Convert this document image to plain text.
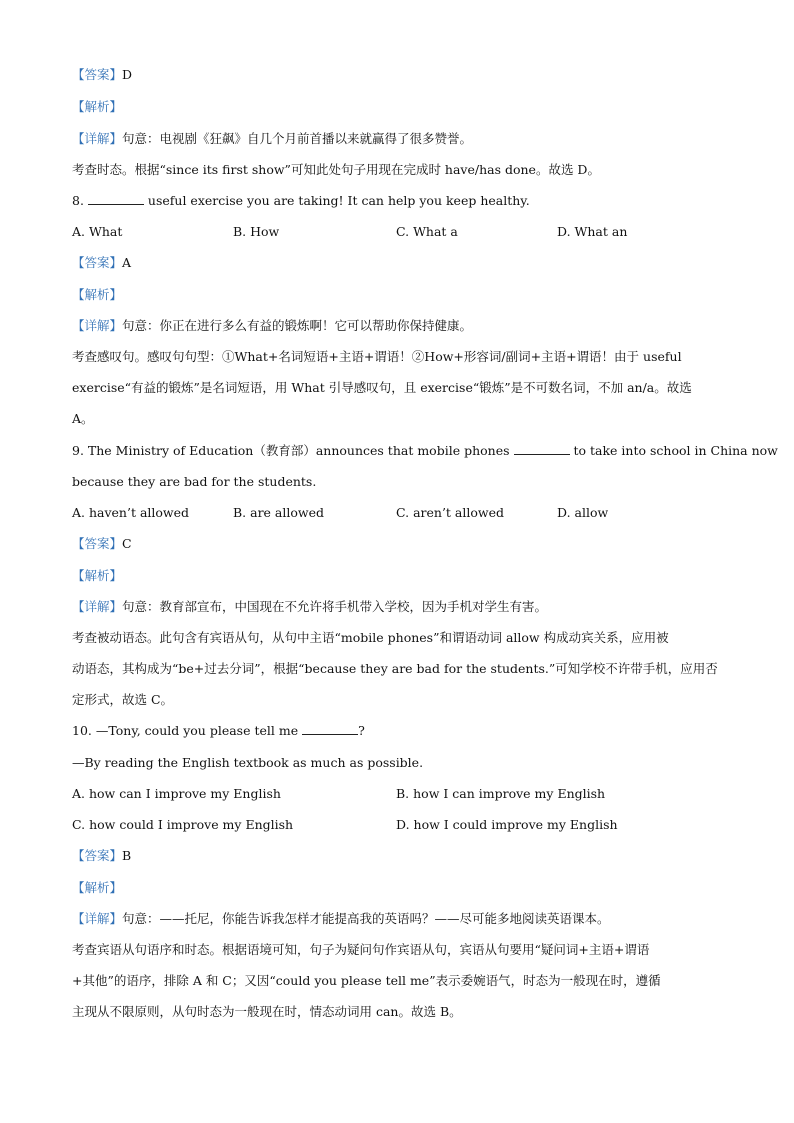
【答案】D
【解析】
【详解】句意：电视剧《狂飙》自几个月前首播以来就赢得了很多赞誉。
考查时态。根据“since its first show”可知此处句子用现在完成时 have/has done。故选 D。
8.	useful exercise you are taking! It can help you keep healthy.
A. What	B. How	C. What a	D. What an
【答案】A
【解析】
【详解】句意：你正在进行多么有益的锻炼啊！它可以帮助你保持健康。
考查感叹句。感叹句句型：①What+名词短语+主语+谓语！②How+形容词/副词+主语+谓语！由于 useful
exercise“有益的锻炼”是名词短语，用 What 引导感叹句，且 exercise“锻炼”是不可数名词，不加 an/a。故选
A。
9. The Ministry of Education（教育部）announces that mobile phones	to take into school in China now
because they are bad for the students.
A. haven’t allowed	B. are allowed	C. aren’t allowed	D. allow
【答案】C
【解析】
【详解】句意：教育部宣布，中国现在不允许将手机带入学校，因为手机对学生有害。
考查被动语态。此句含有宾语从句，从句中主语“mobile phones”和谓语动词 allow 构成动宾关系，应用被
动语态，其构成为“be+过去分词”，根据“because they are bad for the students.”可知学校不许带手机，应用否
定形式，故选 C。
10. —Tony, could you please tell me	?
—By reading the English textbook as much as possible.
A. how can I improve my English	B. how I can improve my English
C. how could I improve my English	D. how I could improve my English
【答案】B
【解析】
【详解】句意：——托尼，你能告诉我怎样才能提高我的英语吗？——尽可能多地阅读英语课本。
考查宾语从句语序和时态。根据语境可知，句子为疑问句作宾语从句，宾语从句要用“疑问词+主语+谓语
+其他”的语序，排除 A 和 C；又因“could you please tell me”表示委婉语气，时态为一般现在时，遵循
主现从不限原则，从句时态为一般现在时，情态动词用 can。故选 B。
